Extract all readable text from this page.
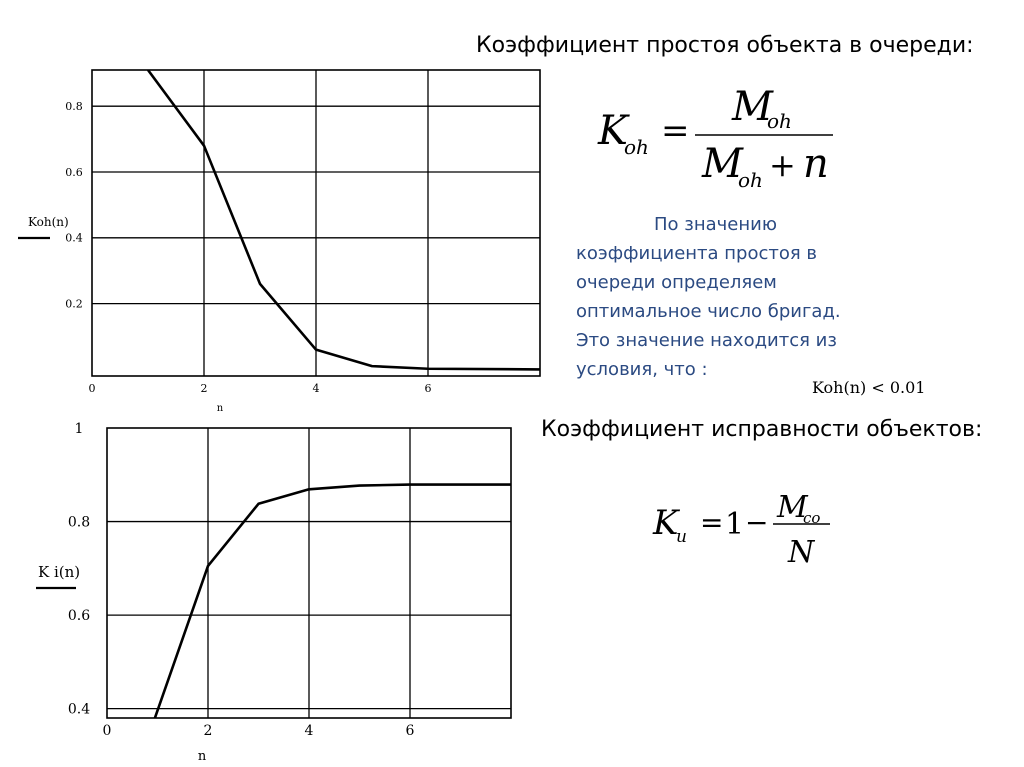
Коэффициент простоя объекта в очереди:
K
oh =
M
oh
M
oh + n
По значению
коэффициента простоя в
очереди определяем
оптимальное число бригад.
Это значение находится из
условия, что :
Koh(n) < 0.01
Коэффициент исправности объектов:
K
и = 1 − M
co
N
0	2	4	6
0.2
0.4
0.6
0.8
n
Koh(n)
0	2	4	6
0.4
0.6
0.8
1
n
K i(n)
